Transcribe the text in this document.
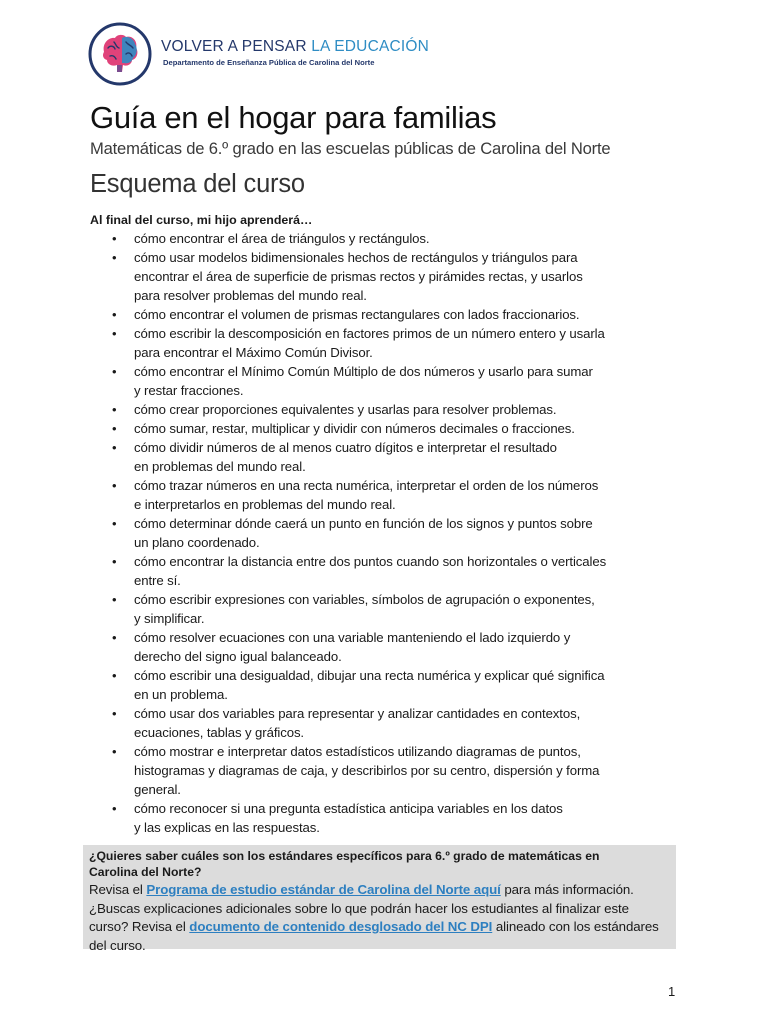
VOLVER A PENSAR LA EDUCACIÓN
Departamento de Enseñanza Pública de Carolina del Norte
Guía en el hogar para familias
Matemáticas de 6.º grado en las escuelas públicas de Carolina del Norte
Esquema del curso
Al final del curso, mi hijo aprenderá…
• cómo encontrar el área de triángulos y rectángulos.
• cómo usar modelos bidimensionales hechos de rectángulos y triángulos para
encontrar el área de superficie de prismas rectos y pirámides rectas, y usarlos
para resolver problemas del mundo real.
• cómo encontrar el volumen de prismas rectangulares con lados fraccionarios.
• cómo escribir la descomposición en factores primos de un número entero y usarla
para encontrar el Máximo Común Divisor.
• cómo encontrar el Mínimo Común Múltiplo de dos números y usarlo para sumar
y restar fracciones.
• cómo crear proporciones equivalentes y usarlas para resolver problemas.
• cómo sumar, restar, multiplicar y dividir con números decimales o fracciones.
• cómo dividir números de al menos cuatro dígitos e interpretar el resultado
en problemas del mundo real.
• cómo trazar números en una recta numérica, interpretar el orden de los números
e interpretarlos en problemas del mundo real.
• cómo determinar dónde caerá un punto en función de los signos y puntos sobre
un plano coordenado.
• cómo encontrar la distancia entre dos puntos cuando son horizontales o verticales
entre sí.
• cómo escribir expresiones con variables, símbolos de agrupación o exponentes,
y simplificar.
• cómo resolver ecuaciones con una variable manteniendo el lado izquierdo y
derecho del signo igual balanceado.
• cómo escribir una desigualdad, dibujar una recta numérica y explicar qué significa
en un problema.
• cómo usar dos variables para representar y analizar cantidades en contextos,
ecuaciones, tablas y gráficos.
• cómo mostrar e interpretar datos estadísticos utilizando diagramas de puntos,
histogramas y diagramas de caja, y describirlos por su centro, dispersión y forma
general.
• cómo reconocer si una pregunta estadística anticipa variables en los datos
y las explicas en las respuestas.
¿Quieres saber cuáles son los estándares específicos para 6.º grado de matemáticas en
Carolina del Norte?
Revisa el Programa de estudio estándar de Carolina del Norte aquí para más información. ¿Buscas explicaciones adicionales sobre lo que podrán hacer los estudiantes al finalizar este curso? Revisa el documento de contenido desglosado del NC DPI alineado con los estándares del curso.
1
